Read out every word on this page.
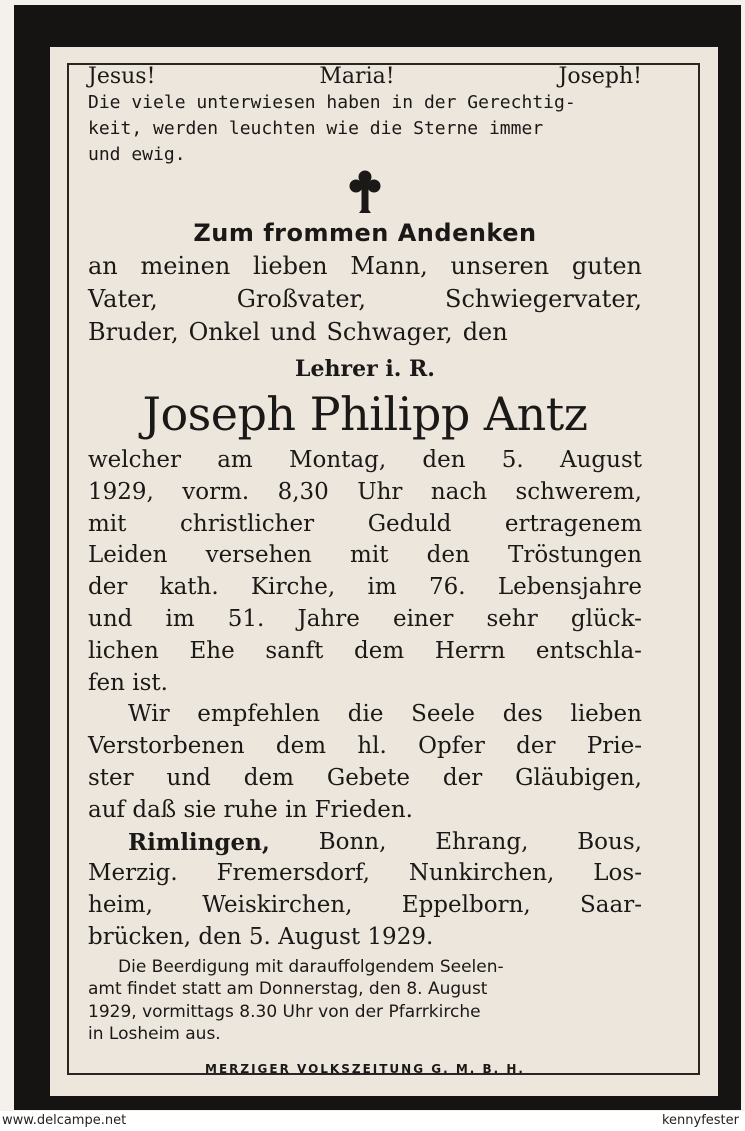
Jesus!	Maria!	Joseph!
Die viele unterwiesen haben in der Gerechtig-
keit, werden leuchten wie die Sterne immer
und ewig.
Zum frommen Andenken
an meinen lieben Mann, unseren guten
Vater,	Großvater,	Schwiegervater,
Bruder, Onkel und Schwager, den
Lehrer i. R.
Joseph Philipp Antz
welcher am Montag, den 5. August
1929, vorm. 8,30 Uhr nach schwerem,
mit christlicher Geduld ertragenem
Leiden versehen mit den Tröstungen
der kath. Kirche, im 76. Lebensjahre
und im 51. Jahre einer sehr glück-
lichen Ehe sanft dem Herrn entschla-
fen ist.
Wir empfehlen die Seele des lieben
Verstorbenen dem hl. Opfer der Prie-
ster und dem Gebete der Gläubigen,
auf daß sie ruhe in Frieden.
Rimlingen, Bonn, Ehrang, Bous,
Merzig. Fremersdorf, Nunkirchen, Los-
heim, Weiskirchen, Eppelborn, Saar-
brücken, den 5. August 1929.
Die Beerdigung mit darauffolgendem Seelen-
amt findet statt am Donnerstag, den 8. August
1929, vormittags 8.30 Uhr von der Pfarrkirche
in Losheim aus.
MERZIGER VOLKSZEITUNG G. M. B. H.
www.delcampe.net	kennyfester
